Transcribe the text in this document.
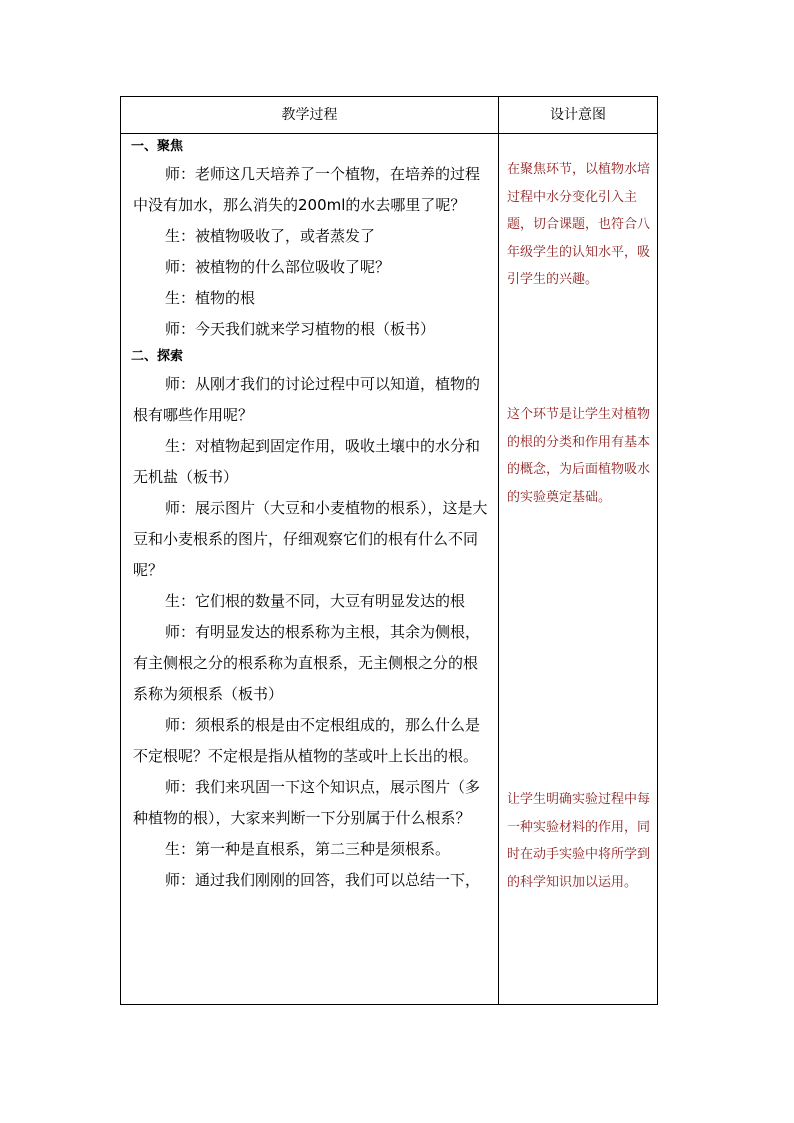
教学过程	设计意图
一、聚焦

师：老师这几天培养了一个植物，在培养的过程中没有加水，那么消失的200ml的水去哪里了呢？

生：被植物吸收了，或者蒸发了

师：被植物的什么部位吸收了呢？

生：植物的根

师：今天我们就来学习植物的根（板书）

二、探索

师：从刚才我们的讨论过程中可以知道，植物的根有哪些作用呢？

生：对植物起到固定作用，吸收土壤中的水分和无机盐（板书）

师：展示图片（大豆和小麦植物的根系），这是大豆和小麦根系的图片，仔细观察它们的根有什么不同呢？

生：它们根的数量不同，大豆有明显发达的根

师：有明显发达的根系称为主根，其余为侧根，有主侧根之分的根系称为直根系，无主侧根之分的根系称为须根系（板书）

师：须根系的根是由不定根组成的，那么什么是不定根呢？不定根是指从植物的茎或叶上长出的根。

师：我们来巩固一下这个知识点，展示图片（多种植物的根），大家来判断一下分别属于什么根系？

生：第一种是直根系，第二三种是须根系。

师：通过我们刚刚的回答，我们可以总结一下，

在聚焦环节，以植物水培过程中水分变化引入主题，切合课题，也符合八年级学生的认知水平，吸引学生的兴趣。
这个环节是让学生对植物的根的分类和作用有基本的概念，为后面植物吸水的实验奠定基础。
让学生明确实验过程中每一种实验材料的作用，同时在动手实验中将所学到的科学知识加以运用。
